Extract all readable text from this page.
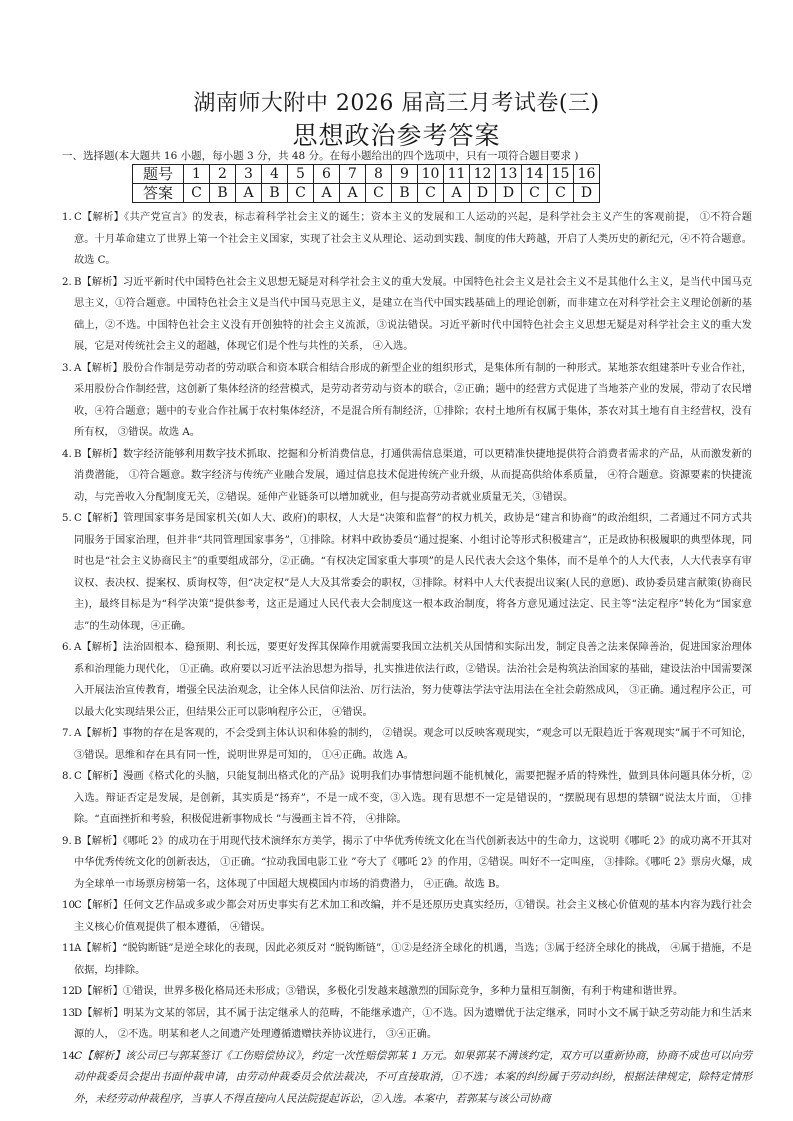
湖南师大附中 2026 届高三月考试卷(三)
思想政治参考答案
一、选择题(本大题共 16 小题，每小题 3 分，共 48 分。在每小题给出的四个选项中，只有一项符合题目要求 )
题号	1	2	3	4	5	6	7	8	9	10	11	12	13	14	15	16
答案	C	B	A	B	C	A	A	C	B	C	A	D	D	C	C	D
1. C【解析】《共产党宣言》的发表，标志着科学社会主义的诞生；资本主义的发展和工人运动的兴起，是科学社会主义产生的客观前提， ①不符合题意。十月革命建立了世界上第一个社会主义国家，实现了社会主义从理论、运动到实践、制度的伟大跨越，开启了人类历史的新纪元，④不符合题意。故选 C。
2. B【解析】习近平新时代中国特色社会主义思想无疑是对科学社会主义的重大发展。中国特色社会主义是社会主义不是其他什么主义，是当代中国马克思主义，①符合题意。中国特色社会主义是当代中国马克思主义，是建立在当代中国实践基础上的理论创新，而非建立在对科学社会主义理论创新的基础上，②不选。中国特色社会主义没有开创独特的社会主义流派，③说法错误。习近平新时代中国特色社会主义思想无疑是对科学社会主义的重大发展，它是对传统社会主义的超越，体现它们是个性与共性的关系， ④入选。
3. A【解析】股份合作制是劳动者的劳动联合和资本联合相结合形成的新型企业的组织形式，是集体所有制的一种形式。某地茶农组建茶叶专业合作社，采用股份合作制经营，这创新了集体经济的经营模式，是劳动者劳动与资本的联合，②正确；题中的经营方式促进了当地茶产业的发展，带动了农民增收，④符合题意；题中的专业合作社属于农村集体经济，不是混合所有制经济，①排除；农村土地所有权属于集体，茶农对其土地有自主经营权，没有所有权， ③错误。故选 A。
4. B【解析】数字经济能够利用数字技术抓取、挖掘和分析消费信息，打通供需信息渠道，可以更精准快捷地提供符合消费者需求的产品，从而激发新的消费潜能， ①符合题意。数字经济与传统产业融合发展，通过信息技术促进传统产业升级，从而提高供给体系质量， ④符合题意。资源要素的快捷流动，与完善收入分配制度无关，②错误。延伸产业链条可以增加就业，但与提高劳动者就业质量无关，③错误。
5. C【解析】管理国家事务是国家机关(如人大、政府)的职权，人大是“决策和监督”的权力机关，政协是“建言和协商”的政治组织，二者通过不同方式共同服务于国家治理，但并非“共同管理国家事务”，①排除。材料中政协委员“通过提案、小组讨论等形式积极建言”，正是政协积极履职的典型体现，同时也是“社会主义协商民主”的重要组成部分，②正确。“有权决定国家重大事项”的是人民代表大会这个集体，而不是单个的人大代表，人大代表享有审议权、表决权、提案权、质询权等，但“决定权”是人大及其常委会的职权，③排除。材料中人大代表提出议案(人民的意愿)、政协委员建言献策(协商民主)，最终目标是为“科学决策”提供参考，这正是通过人民代表大会制度这一根本政治制度，将各方意见通过法定、民主等“法定程序”转化为“国家意志”的生动体现，④正确。
6. A【解析】法治固根本、稳预期、利长远，要更好发挥其保障作用就需要我国立法机关从国情和实际出发，制定良善之法来保障善治，促进国家治理体系和治理能力现代化， ①正确。政府要以习近平法治思想为指导，扎实推进依法行政，②错误。法治社会是构筑法治国家的基础，建设法治中国需要深入开展法治宣传教育，增强全民法治观念，让全体人民信仰法治、厉行法治，努力使尊法学法守法用法在全社会蔚然成风， ③正确。通过程序公正，可以最大化实现结果公正，但结果公正可以影响程序公正， ④错误。
7. A【解析】事物的存在是客观的，不会受到主体认识和体验的制约， ②错误。观念可以反映客观现实，“观念可以无限趋近于客观现实”属于不可知论， ③错误。思维和存在具有同一性，说明世界是可知的， ①④正确。故选 A。
8. C【解析】漫画《格式化的头脑，只能复制出格式化的产品》说明我们办事情想问题不能机械化，需要把握矛盾的特殊性，做到具体问题具体分析，②入选。辩证否定是发展，是创新，其实质是“扬弃”，不是一成不变，③入选。现有思想不一定是错误的，“摆脱现有思想的禁锢”说法太片面， ①排除。“直面挫折和考验，积极促进新事物成长 ”与漫画主旨不符， ④排除。
9. B【解析】《哪吒 2》的成功在于用现代技术演绎东方美学，揭示了中华优秀传统文化在当代创新表达中的生命力，这说明《哪吒 2》的成功离不开其对中华优秀传统文化的创新表达， ①正确。“拉动我国电影工业 ”夸大了《哪吒 2》的作用，②错误。叫好不一定叫座， ③排除。《哪吒 2》票房火爆，成为全球单一市场票房榜第一名，这体现了中国超大规模国内市场的消费潜力， ④正确。故选 B。
10.
C【解析】任何文艺作品或多或少都会对历史事实有艺术加工和改编，并不是还原历史真实经历，①错误。社会主义核心价值观的基本内容为践行社会主义核心价值观提供了根本遵循， ④错误。
11.
A【解析】“脱钩断链”是逆全球化的表现，因此必须反对 “脱钩断链”，①②是经济全球化的机遇，当选；③属于经济全球化的挑战， ④属于措施，不是依据，均排除。
12.
D【解析】①错误，世界多极化格局还未形成；③错误，多极化引发越来越激烈的国际竞争，多种力量相互制衡，有利于构建和谐世界。
13.
D【解析】明某为文某的邻居，其不属于法定继承人的范畴，不能继承遗产，①不选。因为遗赠优于法定继承，同时小文不属于缺乏劳动能力和生活来源的人， ②不选。明某和老人之间遗产处理遵循遗赠扶养协议进行， ③④正确。
14.
C【解析】该公司已与郭某签订《工伤赔偿协议》，约定一次性赔偿郭某 1 万元。如果郭某不满该约定，双方可以重新协商，协商不成也可以向劳动仲裁委员会提出书面仲裁申请，由劳动仲裁委员会依法裁决，不可直接取消，①不选；本案的纠纷属于劳动纠纷，根据法律规定，除特定情形外，未经劳动仲裁程序，当事人不得直接向人民法院提起诉讼，②入选。本案中，若郭某与该公司协商
